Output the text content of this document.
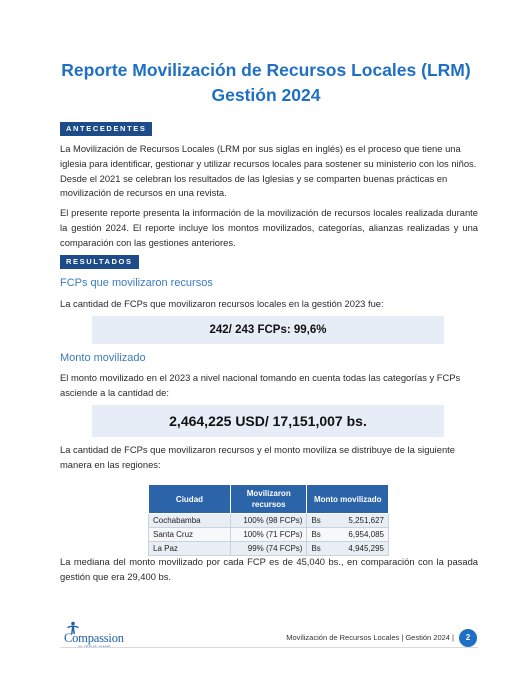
Reporte Movilización de Recursos Locales (LRM)
Gestión 2024
ANTECEDENTES
La Movilización de Recursos Locales (LRM por sus siglas en inglés) es el proceso que tiene una iglesia para identificar, gestionar y utilizar recursos locales para sostener su ministerio con los niños. Desde el 2021 se celebran los resultados de las Iglesias y se comparten buenas prácticas en movilización de recursos en una revista.
El presente reporte presenta la información de la movilización de recursos locales realizada durante la gestión 2024. El reporte incluye los montos movilizados, categorías, alianzas realizadas y una comparación con las gestiones anteriores.
RESULTADOS
FCPs que movilizaron recursos
La cantidad de FCPs que movilizaron recursos locales en la gestión 2023 fue:
242/ 243 FCPs: 99,6%
Monto movilizado
El monto movilizado en el 2023 a nivel nacional tomando en cuenta todas las categorías y FCPs asciende a la cantidad de:
2,464,225 USD/ 17,151,007 bs.
La cantidad de FCPs que movilizaron recursos y el monto moviliza se distribuye de la siguiente manera en las regiones:
Ciudad	Movilizaron recursos	Monto movilizado
Cochabamba	100% (98 FCPs)	Bs 5,251,627

Santa Cruz	100% (71 FCPs)	Bs 6,954,085

La Paz	99% (74 FCPs)	Bs 4,945,295
La mediana del monto movilizado por cada FCP es de 45,040 bs., en comparación con la pasada gestión que era 29,400 bs.
Compassion	Movilización de Recursos Locales | Gestión 2024 |	2
